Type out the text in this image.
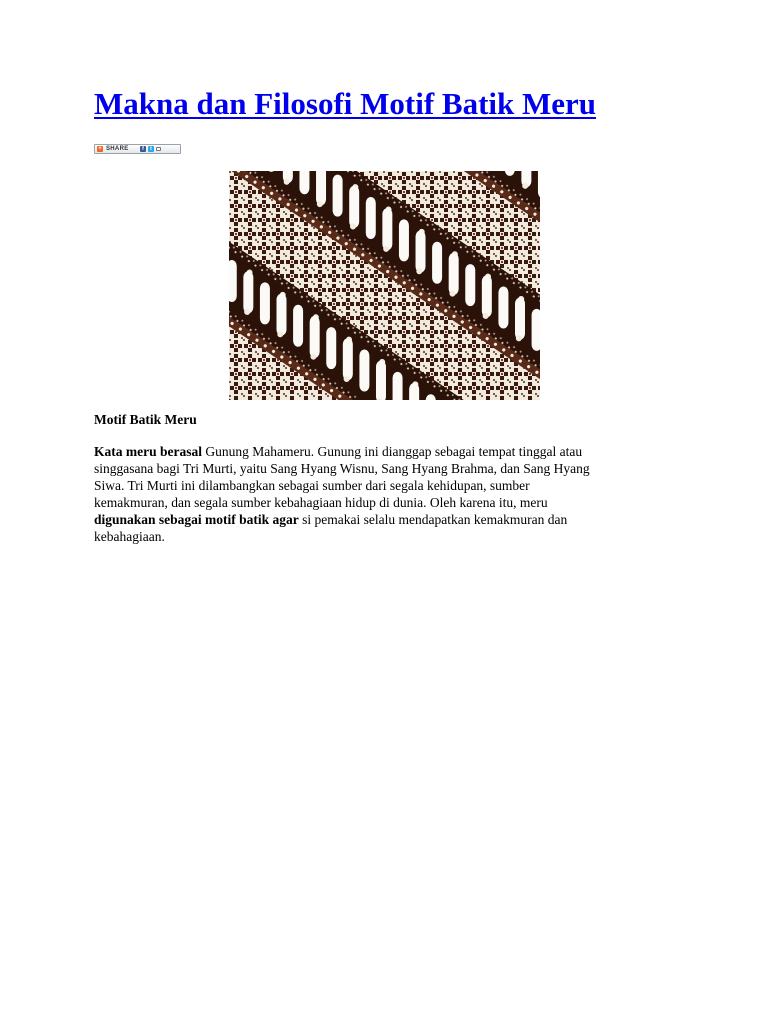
Makna dan Filosofi Motif Batik Meru
+ SHARE	f	t

Motif Batik Meru

Kata meru berasal Gunung Mahameru. Gunung ini dianggap sebagai tempat tinggal atau
singgasana bagi Tri Murti, yaitu Sang Hyang Wisnu, Sang Hyang Brahma, dan Sang Hyang
Siwa. Tri Murti ini dilambangkan sebagai sumber dari segala kehidupan, sumber
kemakmuran, dan segala sumber kebahagiaan hidup di dunia. Oleh karena itu, meru
digunakan sebagai motif batik agar si pemakai selalu mendapatkan kemakmuran dan
kebahagiaan.
